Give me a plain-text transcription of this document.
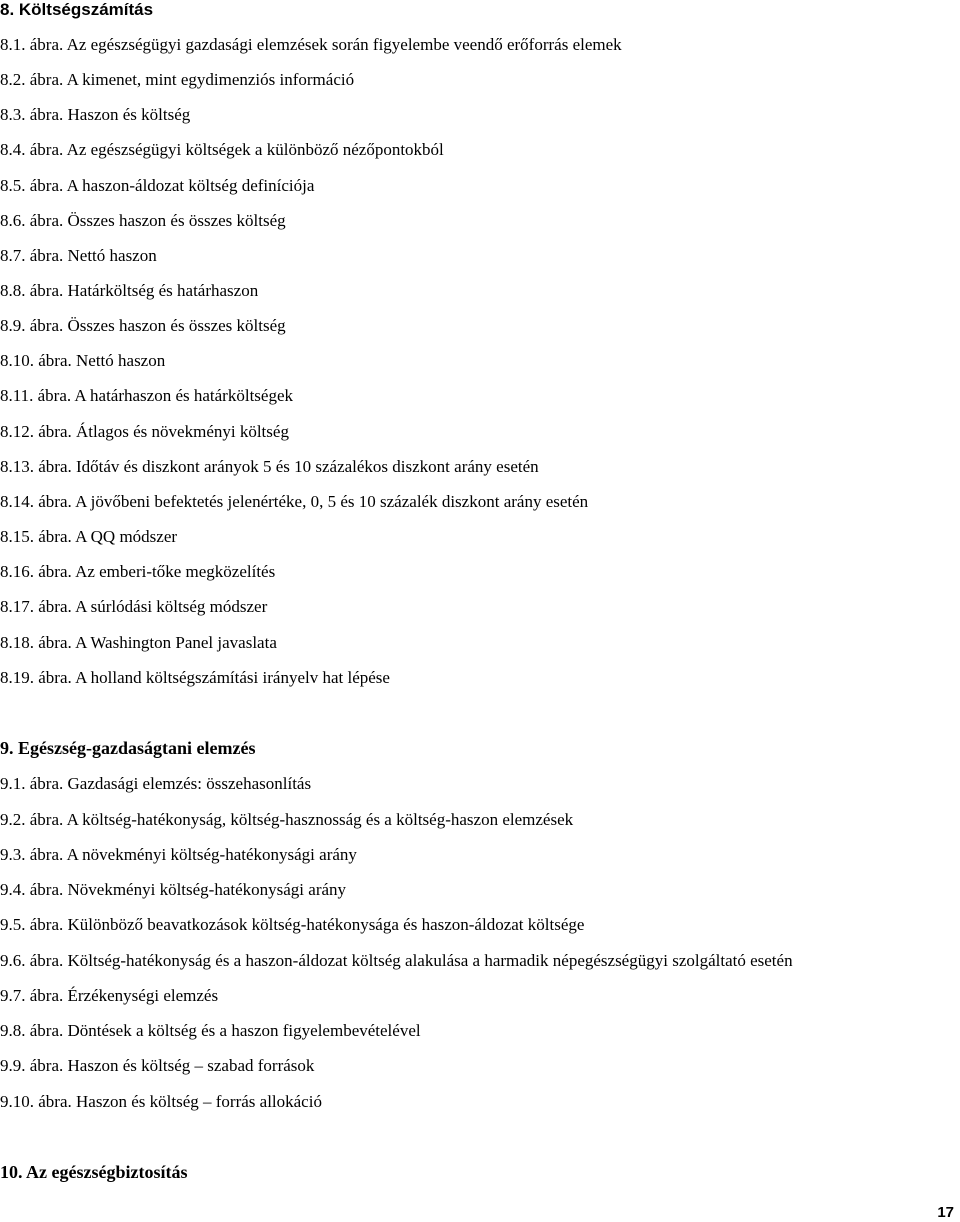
8. Költségszámítás
8.1. ábra. Az egészségügyi gazdasági elemzések során figyelembe veendő erőforrás elemek
8.2. ábra. A kimenet, mint egydimenziós információ
8.3. ábra. Haszon és költség
8.4. ábra. Az egészségügyi költségek a különböző nézőpontokból
8.5. ábra. A haszon-áldozat költség definíciója
8.6. ábra. Összes haszon és összes költség
8.7. ábra. Nettó haszon
8.8. ábra. Határköltség és határhaszon
8.9. ábra. Összes haszon és összes költség
8.10. ábra. Nettó haszon
8.11. ábra. A határhaszon és határköltségek
8.12. ábra. Átlagos és növekményi költség
8.13. ábra. Időtáv és diszkont arányok 5 és 10 százalékos diszkont arány esetén
8.14. ábra. A jövőbeni befektetés jelenértéke, 0, 5 és 10 százalék diszkont arány esetén
8.15. ábra. A QQ módszer
8.16. ábra. Az emberi-tőke megközelítés
8.17. ábra. A súrlódási költség módszer
8.18. ábra. A Washington Panel javaslata
8.19. ábra. A holland költségszámítási irányelv hat lépése
9. Egészség-gazdaságtani elemzés
9.1. ábra. Gazdasági elemzés: összehasonlítás
9.2. ábra. A költség-hatékonyság, költség-hasznosság és a költség-haszon elemzések
9.3. ábra. A növekményi költség-hatékonysági arány
9.4. ábra. Növekményi költség-hatékonysági arány
9.5. ábra. Különböző beavatkozások költség-hatékonysága és haszon-áldozat költsége
9.6. ábra. Költség-hatékonyság és a haszon-áldozat költség alakulása a harmadik népegészségügyi szolgáltató esetén
9.7. ábra. Érzékenységi elemzés
9.8. ábra. Döntések a költség és a haszon figyelembevételével
9.9. ábra. Haszon és költség – szabad források
9.10. ábra. Haszon és költség – forrás allokáció
10. Az egészségbiztosítás
17
